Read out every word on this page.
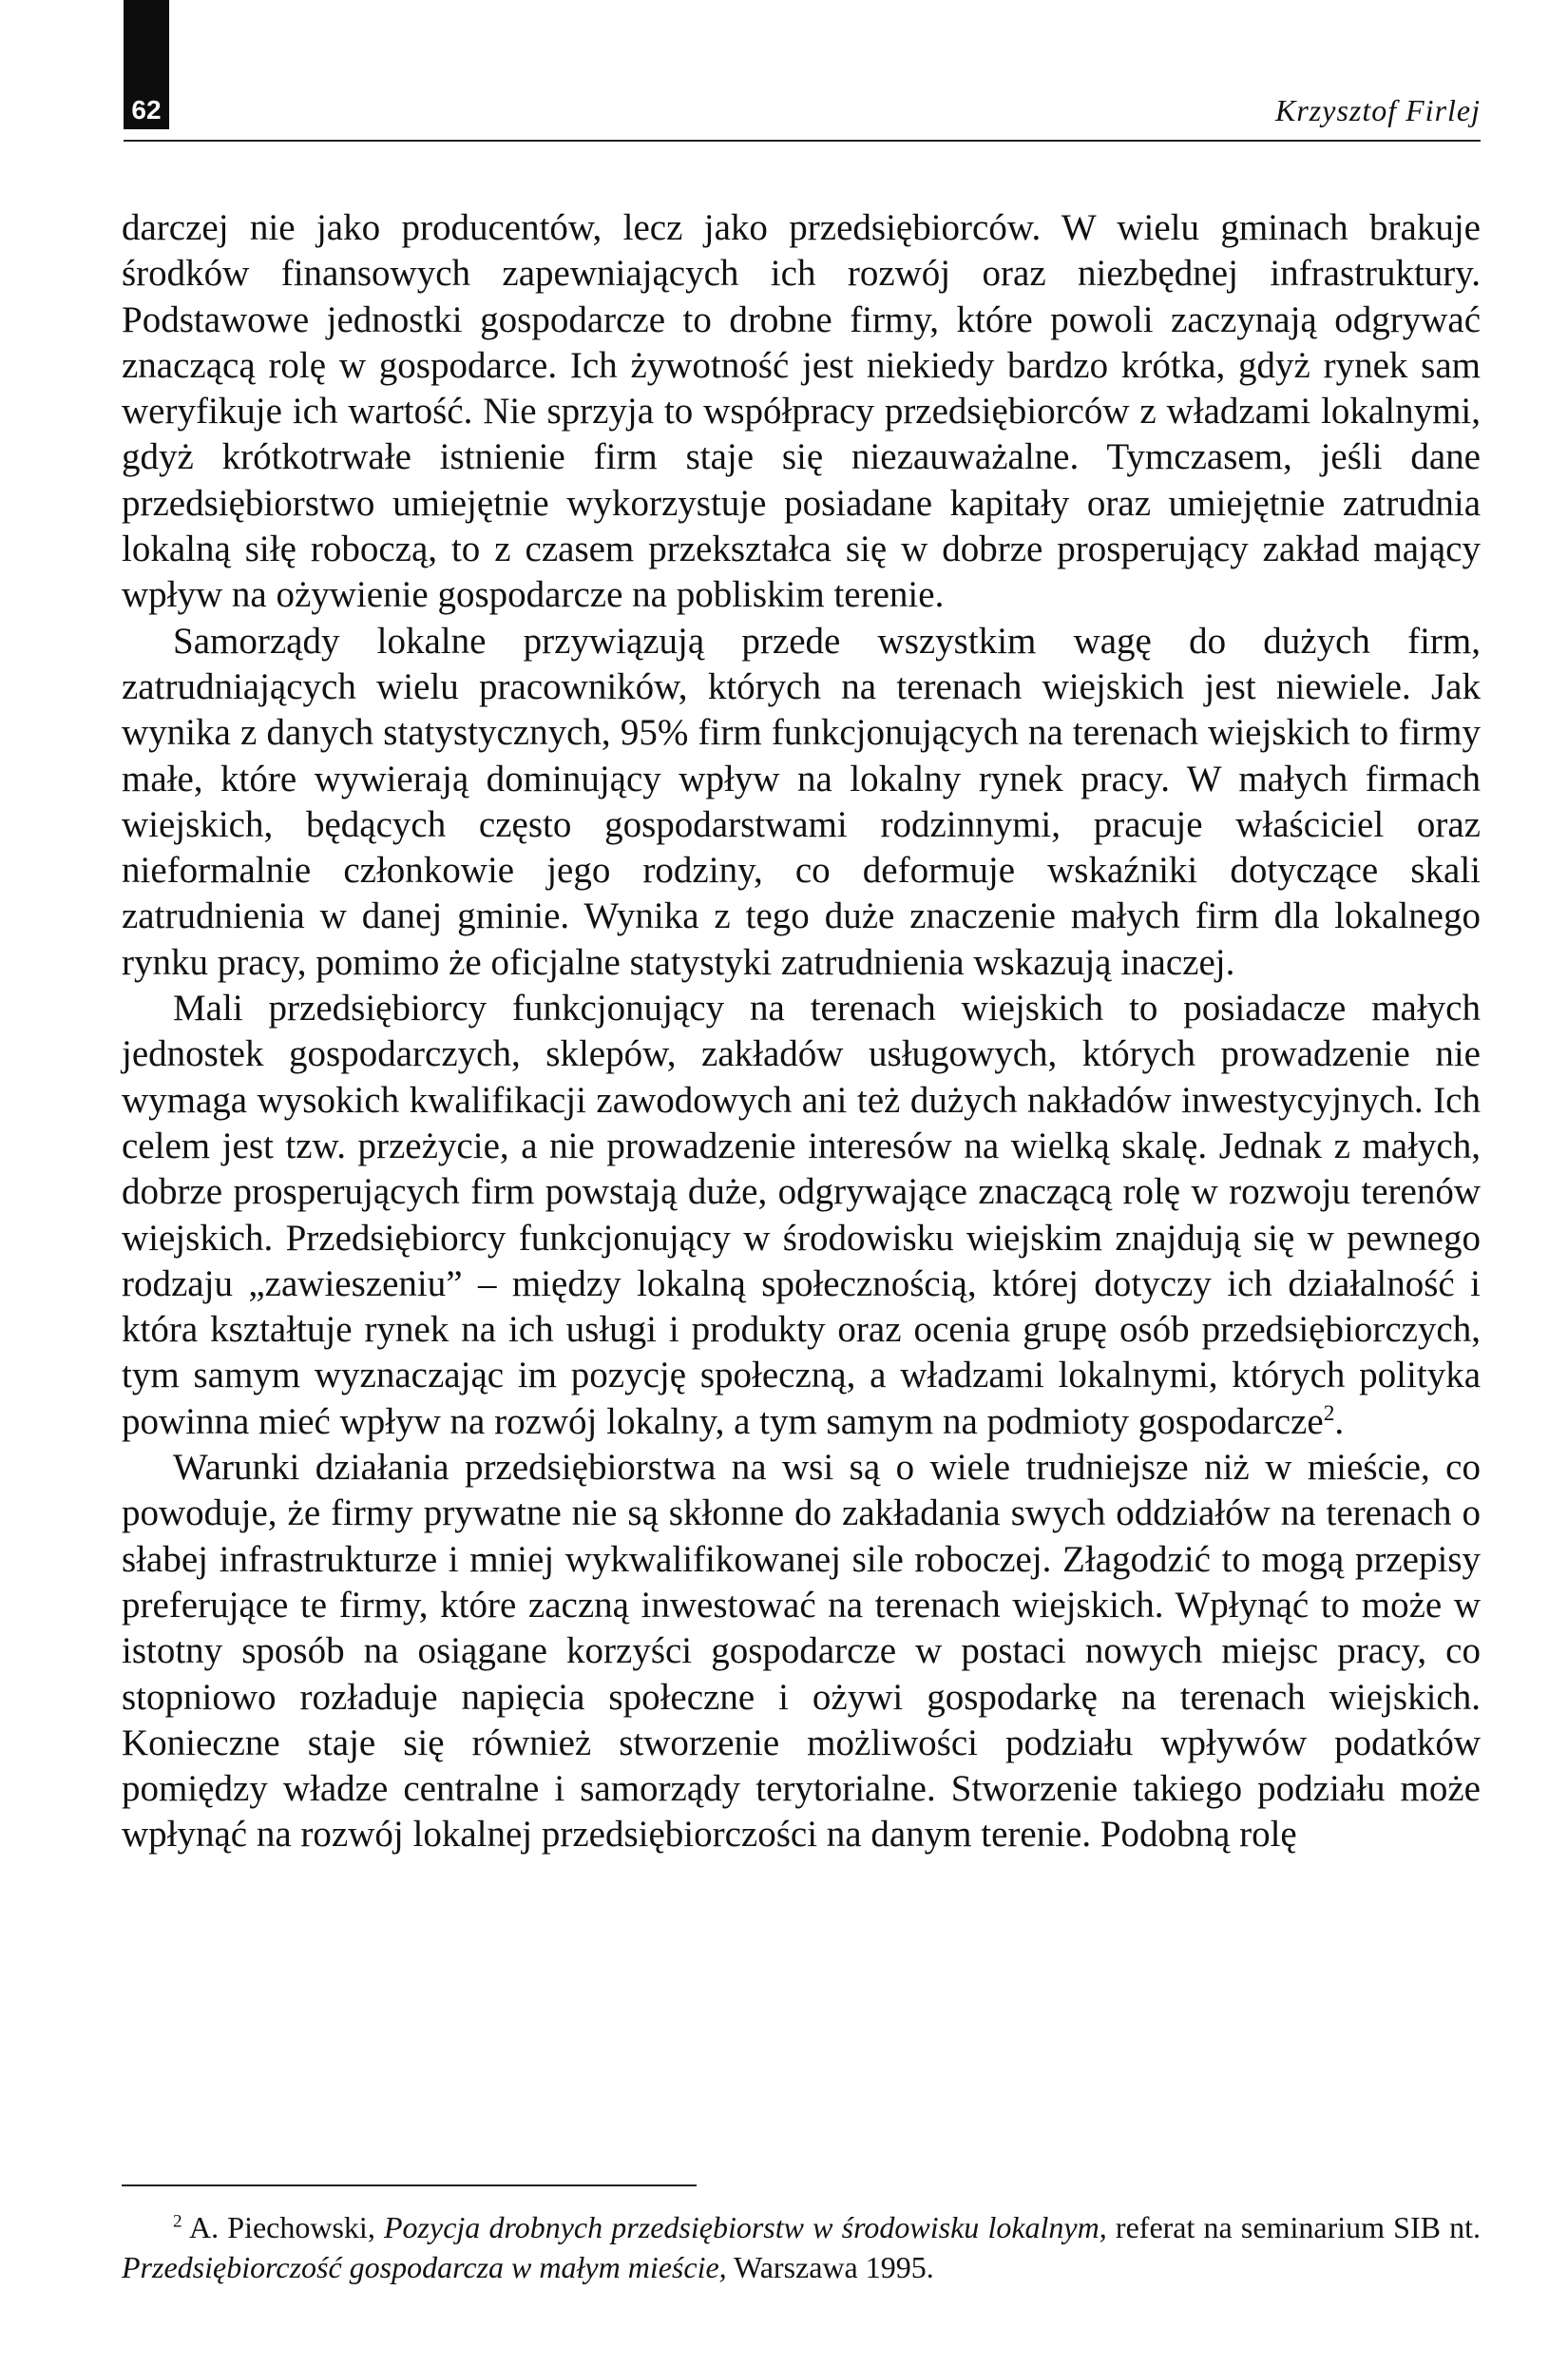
62	Krzysztof Firlej

darczej nie jako producentów, lecz jako przedsiębiorców. W wielu gminach brakuje środków finansowych zapewniających ich rozwój oraz niezbędnej infrastruktury. Podstawowe jednostki gospodarcze to drobne firmy, które powoli zaczynają odgrywać znaczącą rolę w gospodarce. Ich żywotność jest niekiedy bardzo krótka, gdyż rynek sam weryfikuje ich wartość. Nie sprzyja to współpracy przedsiębiorców z władzami lokalnymi, gdyż krótkotrwałe istnienie firm staje się niezauważalne. Tymczasem, jeśli dane przedsiębiorstwo umiejętnie wykorzystuje posiadane kapitały oraz umiejętnie zatrudnia lokalną siłę roboczą, to z czasem przekształca się w dobrze prosperujący zakład mający wpływ na ożywienie gospodarcze na pobliskim terenie.

Samorządy lokalne przywiązują przede wszystkim wagę do dużych firm, zatrudniających wielu pracowników, których na terenach wiejskich jest niewiele. Jak wynika z danych statystycznych, 95% firm funkcjonujących na terenach wiejskich to firmy małe, które wywierają dominujący wpływ na lokalny rynek pracy. W małych firmach wiejskich, będących często gospodarstwami rodzinnymi, pracuje właściciel oraz nieformalnie członkowie jego rodziny, co deformuje wskaźniki dotyczące skali zatrudnienia w danej gminie. Wynika z tego duże znaczenie małych firm dla lokalnego rynku pracy, pomimo że oficjalne statystyki zatrudnienia wskazują inaczej.

Mali przedsiębiorcy funkcjonujący na terenach wiejskich to posiadacze małych jednostek gospodarczych, sklepów, zakładów usługowych, których prowadzenie nie wymaga wysokich kwalifikacji zawodowych ani też dużych nakładów inwestycyjnych. Ich celem jest tzw. przeżycie, a nie prowadzenie interesów na wielką skalę. Jednak z małych, dobrze prosperujących firm powstają duże, odgrywające znaczącą rolę w rozwoju terenów wiejskich. Przedsiębiorcy funkcjonujący w środowisku wiejskim znajdują się w pewnego rodzaju „zawieszeniu” – między lokalną społecznością, której dotyczy ich działalność i która kształtuje rynek na ich usługi i produkty oraz ocenia grupę osób przedsiębiorczych, tym samym wyznaczając im pozycję społeczną, a władzami lokalnymi, których polityka powinna mieć wpływ na rozwój lokalny, a tym samym na podmioty gospodarcze$^2$.

Warunki działania przedsiębiorstwa na wsi są o wiele trudniejsze niż w mieście, co powoduje, że firmy prywatne nie są skłonne do zakładania swych oddziałów na terenach o słabej infrastrukturze i mniej wykwalifikowanej sile roboczej. Złagodzić to mogą przepisy preferujące te firmy, które zaczną inwestować na terenach wiejskich. Wpłynąć to może w istotny sposób na osiągane korzyści gospodarcze w postaci nowych miejsc pracy, co stopniowo rozładuje napięcia społeczne i ożywi gospodarkę na terenach wiejskich. Konieczne staje się również stworzenie możliwości podziału wpływów podatków pomiędzy władze centralne i samorządy terytorialne. Stworzenie takiego podziału może wpłynąć na rozwój lokalnej przedsiębiorczości na danym terenie. Podobną rolę

$^2$ A. Piechowski, Pozycja drobnych przedsiębiorstw w środowisku lokalnym, referat na seminarium SIB nt. Przedsiębiorczość gospodarcza w małym mieście, Warszawa 1995.
